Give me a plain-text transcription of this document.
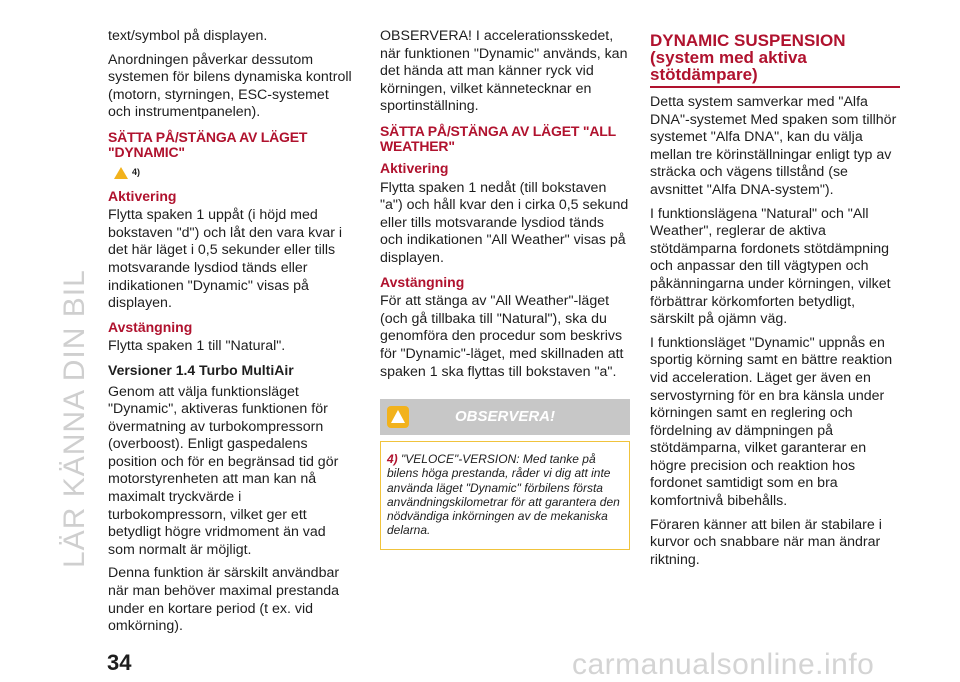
LÄR KÄNNA DIN BIL

text/symbol på displayen.

Anordningen påverkar dessutom systemen för bilens dynamiska kontroll (motorn, styrningen, ESC-systemet och instrumentpanelen).

SÄTTA PÅ/STÄNGA AV LÄGET "DYNAMIC"
4)
Aktivering

Flytta spaken 1 uppåt (i höjd med bokstaven "d") och låt den vara kvar i det här läget i 0,5 sekunder eller tills motsvarande lysdiod tänds eller indikationen "Dynamic" visas på displayen.

Avstängning

Flytta spaken 1 till "Natural".

Versioner 1.4 Turbo MultiAir

Genom att välja funktionsläget "Dynamic", aktiveras funktionen för övermatning av turbokompressorn (overboost). Enligt gaspedalens position och för en begränsad tid gör motorstyrenheten att man kan nå maximalt tryckvärde i turbokompressorn, vilket ger ett betydligt högre vridmoment än vad som normalt är möjligt.

Denna funktion är särskilt användbar när man behöver maximal prestanda under en kortare period (t ex. vid omkörning).

OBSERVERA! I accelerationsskedet, när funktionen "Dynamic" används, kan det hända att man känner ryck vid körningen, vilket kännetecknar en sportinställning.

SÄTTA PÅ/STÄNGA AV LÄGET "ALL WEATHER"
Aktivering

Flytta spaken 1 nedåt (till bokstaven "a") och håll kvar den i cirka 0,5 sekund eller tills motsvarande lysdiod tänds och indikationen "All Weather" visas på displayen.

Avstängning

För att stänga av "All Weather"-läget (och gå tillbaka till "Natural"), ska du genomföra den procedur som beskrivs för "Dynamic"-läget, med skillnaden att spaken 1 ska flyttas till bokstaven "a".

OBSERVERA!
4) "VELOCE"-VERSION: Med tanke på bilens höga prestanda, råder vi dig att inte använda läget "Dynamic" förbilens första användningskilometrar för att garantera den nödvändiga inkörningen av de mekaniska delarna.
DYNAMIC SUSPENSION (system med aktiva stötdämpare)

Detta system samverkar med "Alfa DNA"-systemet Med spaken som tillhör systemet "Alfa DNA", kan du välja mellan tre körinställningar enligt typ av sträcka och vägens tillstånd (se avsnittet "Alfa DNA-system").

I funktionslägena "Natural" och "All Weather", reglerar de aktiva stötdämparna fordonets stötdämpning och anpassar den till vägtypen och påkänningarna under körningen, vilket förbättrar körkomforten betydligt, särskilt på ojämn väg.

I funktionsläget "Dynamic" uppnås en sportig körning samt en bättre reaktion vid acceleration. Läget ger även en servostyrning för en bra känsla under körningen samt en reglering och fördelning av dämpningen på stötdämparna, vilket garanterar en högre precision och reaktion hos fordonet samtidigt som en bra komfortnivå bibehålls.

Föraren känner att bilen är stabilare i kurvor och snabbare när man ändrar riktning.

34	carmanualsonline.info
